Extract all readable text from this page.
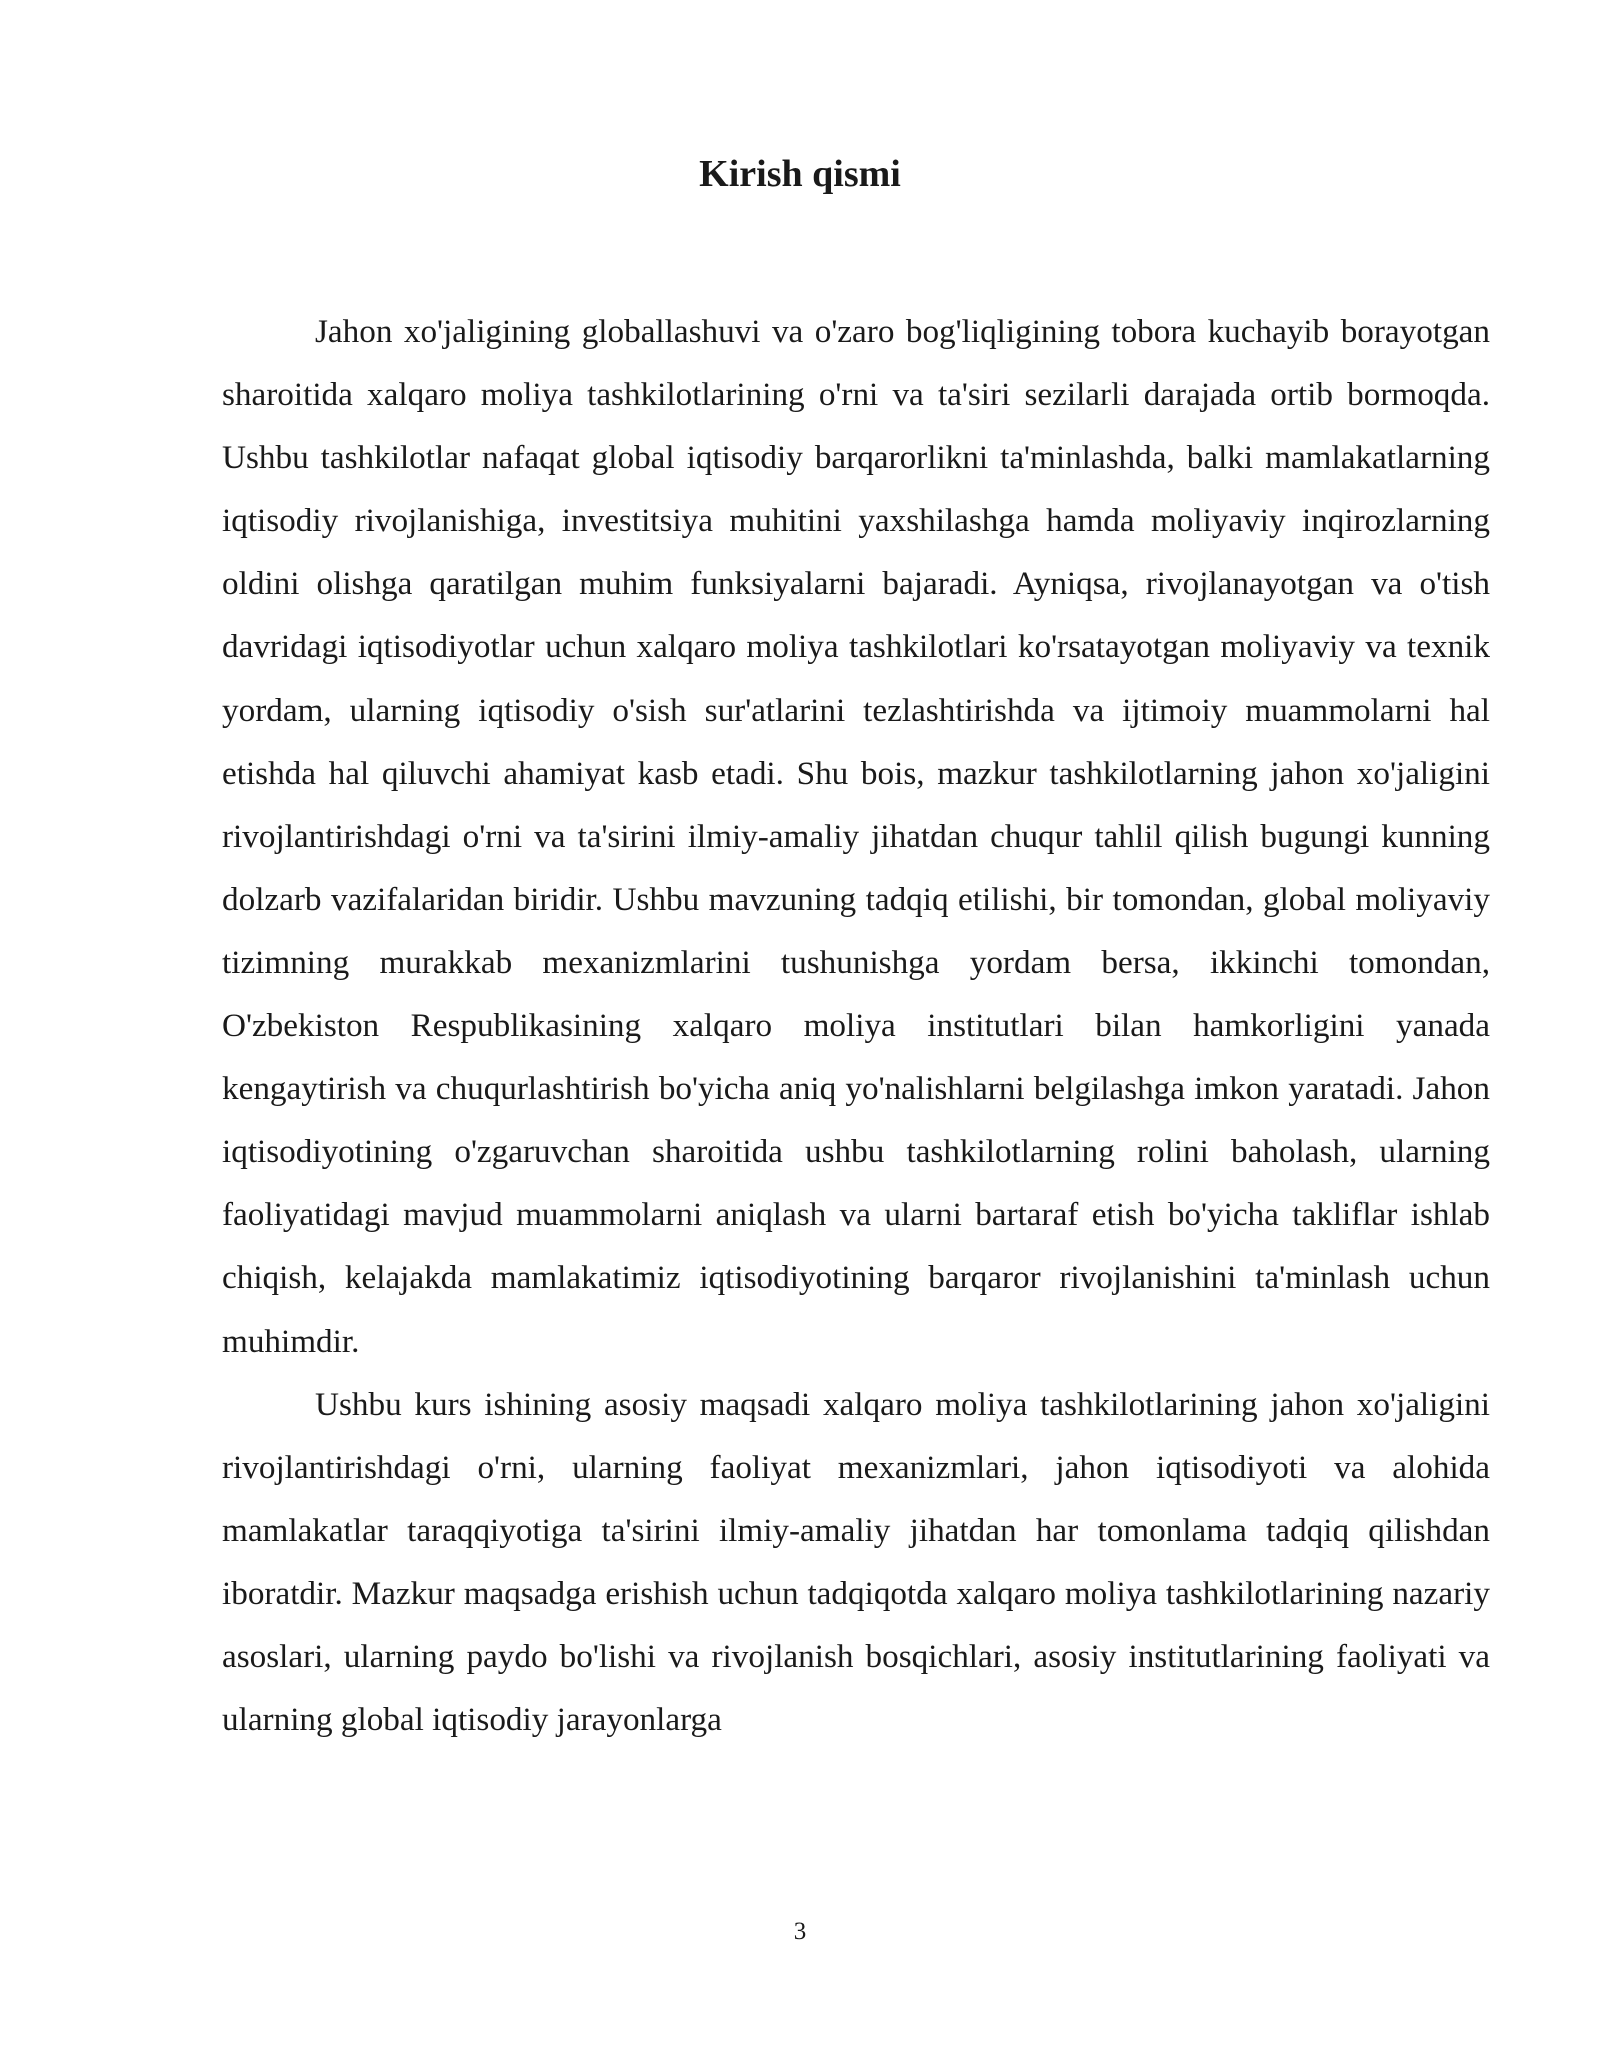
Kirish qismi

Jahon xo'jaligining globallashuvi va o'zaro bog'liqligining tobora kuchayib borayotgan sharoitida xalqaro moliya tashkilotlarining o'rni va ta'siri sezilarli darajada ortib bormoqda. Ushbu tashkilotlar nafaqat global iqtisodiy barqarorlikni ta'minlashda, balki mamlakatlarning iqtisodiy rivojlanishiga, investitsiya muhitini yaxshilashga hamda moliyaviy inqirozlarning oldini olishga qaratilgan muhim funksiyalarni bajaradi. Ayniqsa, rivojlanayotgan va o'tish davridagi iqtisodiyotlar uchun xalqaro moliya tashkilotlari ko'rsatayotgan moliyaviy va texnik yordam, ularning iqtisodiy o'sish sur'atlarini tezlashtirishda va ijtimoiy muammolarni hal etishda hal qiluvchi ahamiyat kasb etadi. Shu bois, mazkur tashkilotlarning jahon xo'jaligini rivojlantirishdagi o'rni va ta'sirini ilmiy-amaliy jihatdan chuqur tahlil qilish bugungi kunning dolzarb vazifalaridan biridir. Ushbu mavzuning tadqiq etilishi, bir tomondan, global moliyaviy tizimning murakkab mexanizmlarini tushunishga yordam bersa, ikkinchi tomondan, O'zbekiston Respublikasining xalqaro moliya institutlari bilan hamkorligini yanada kengaytirish va chuqurlashtirish bo'yicha aniq yo'nalishlarni belgilashga imkon yaratadi. Jahon iqtisodiyotining o'zgaruvchan sharoitida ushbu tashkilotlarning rolini baholash, ularning faoliyatidagi mavjud muammolarni aniqlash va ularni bartaraf etish bo'yicha takliflar ishlab chiqish, kelajakda mamlakatimiz iqtisodiyotining barqaror rivojlanishini ta'minlash uchun muhimdir.

Ushbu kurs ishining asosiy maqsadi xalqaro moliya tashkilotlarining jahon xo'jaligini rivojlantirishdagi o'rni, ularning faoliyat mexanizmlari, jahon iqtisodiyoti va alohida mamlakatlar taraqqiyotiga ta'sirini ilmiy-amaliy jihatdan har tomonlama tadqiq qilishdan iboratdir. Mazkur maqsadga erishish uchun tadqiqotda xalqaro moliya tashkilotlarining nazariy asoslari, ularning paydo bo'lishi va rivojlanish bosqichlari, asosiy institutlarining faoliyati va ularning global iqtisodiy jarayonlarga

3
